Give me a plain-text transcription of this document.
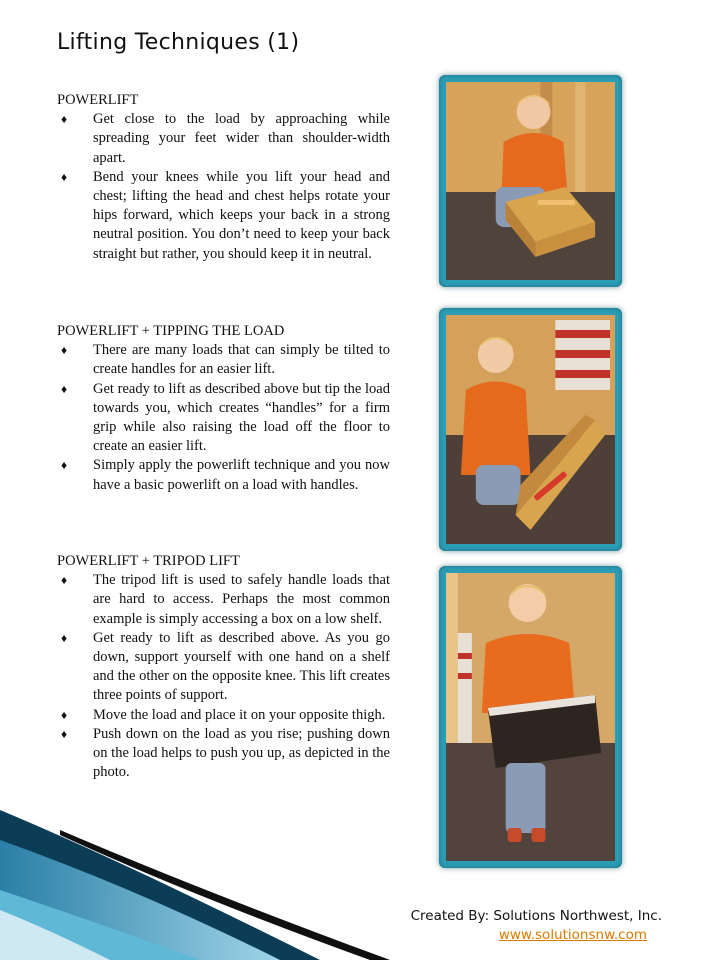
Lifting Techniques (1)

POWERLIFT

♦ Get close to the load by approaching while spreading your feet wider than shoulder-width apart.
♦ Bend your knees while you lift your head and chest; lifting the head and chest helps rotate your hips forward, which keeps your back in a strong neutral position. You don’t need to keep your back straight but rather, you should keep it in neutral.

POWERLIFT + TIPPING THE LOAD

♦ There are many loads that can simply be tilted to create handles for an easier lift.
♦ Get ready to lift as described above but tip the load towards you, which creates “handles” for a firm grip while also raising the load off the floor to create an easier lift.
♦ Simply apply the powerlift technique and you now have a basic powerlift on a load with handles.

POWERLIFT + TRIPOD LIFT

♦ The tripod lift is used to safely handle loads that are hard to access. Perhaps the most common example is simply accessing a box on a low shelf.
♦ Get ready to lift as described above. As you go down, support yourself with one hand on a shelf and the other on the opposite knee. This lift creates three points of support.
♦ Move the load and place it on your opposite thigh.
♦ Push down on the load as you rise; pushing down on the load helps to push you up, as depicted in the photo.
Created By: Solutions Northwest, Inc.
www.solutionsnw.com
